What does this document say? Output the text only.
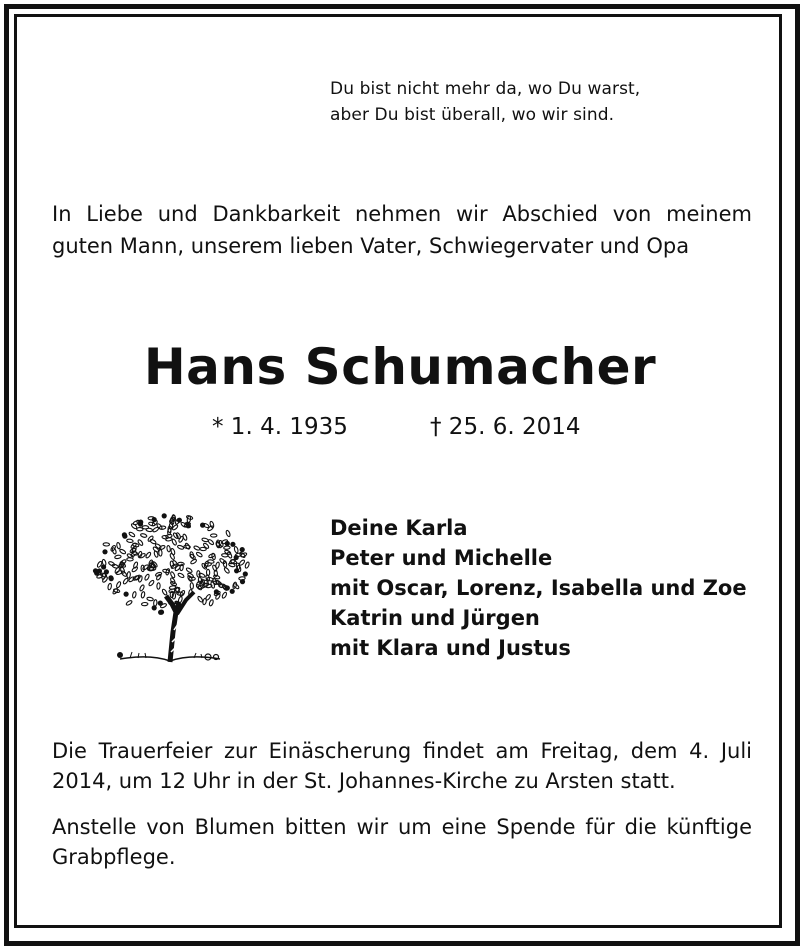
Du bist nicht mehr da, wo Du warst,
aber Du bist überall, wo wir sind.
In Liebe und Dankbarkeit nehmen wir Abschied von meinem
guten Mann, unserem lieben Vater, Schwiegervater und Opa
Hans Schumacher
* 1. 4. 1935	† 25. 6. 2014
Deine Karla
Peter und Michelle
mit Oscar, Lorenz, Isabella und Zoe
Katrin und Jürgen
mit Klara und Justus
Die Trauerfeier zur Einäscherung findet am Freitag, dem 4. Juli
2014, um 12 Uhr in der St. Johannes-Kirche zu Arsten statt.
Anstelle von Blumen bitten wir um eine Spende für die künftige
Grabpflege.
